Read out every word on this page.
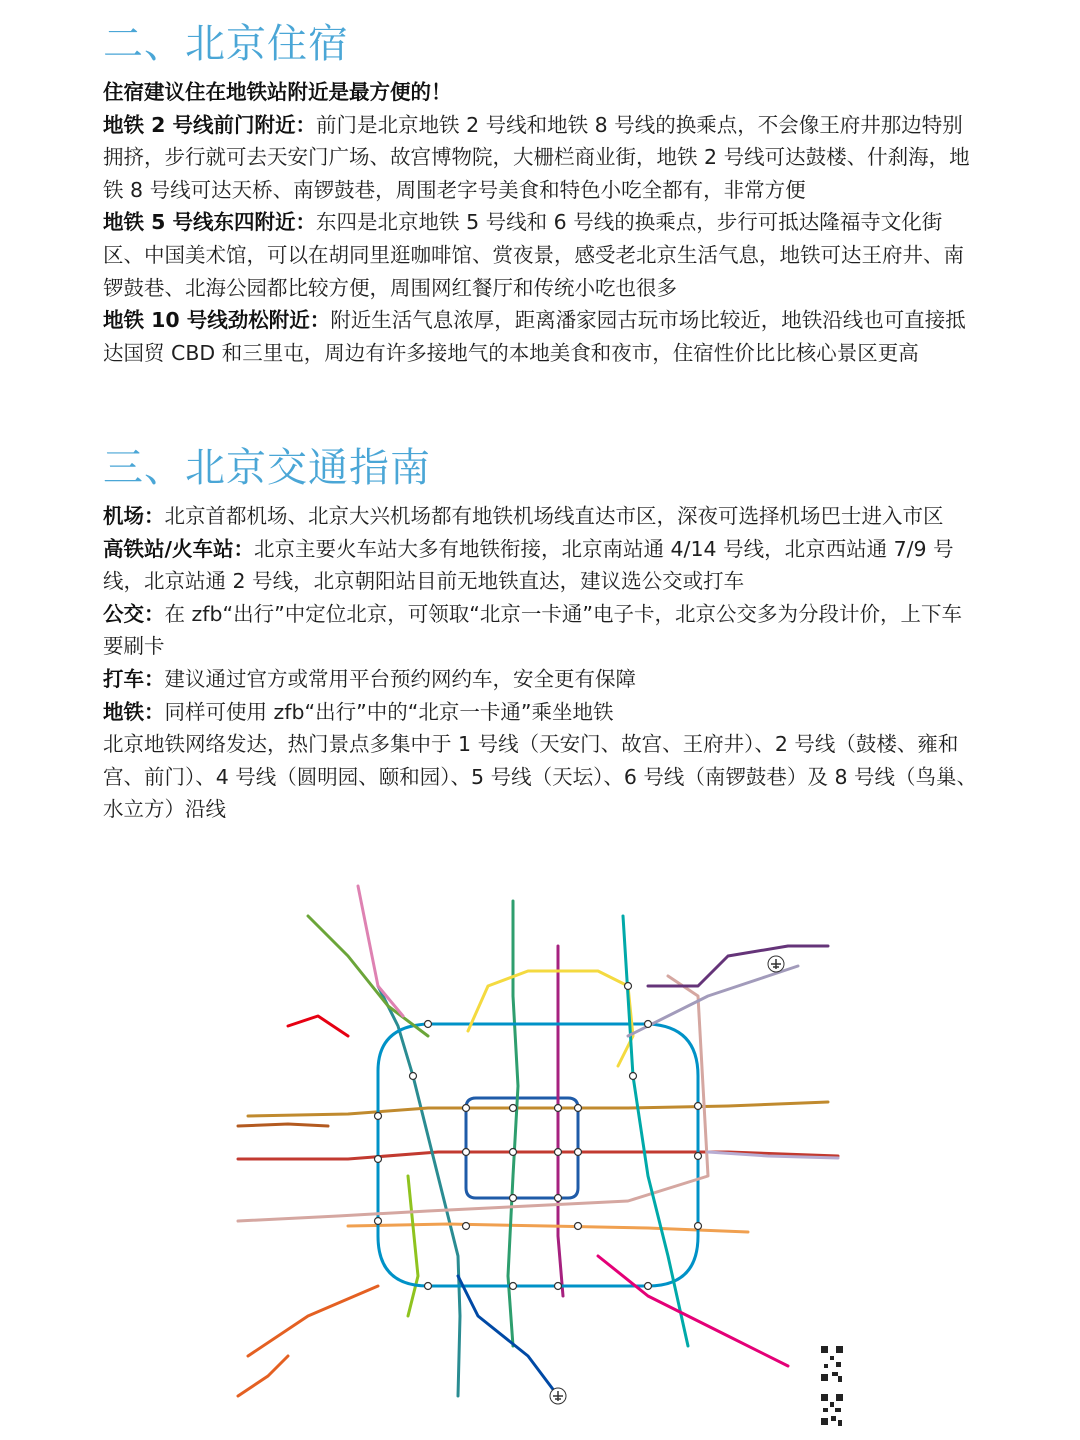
二、北京住宿

住宿建议住在地铁站附近是最方便的！

地铁 2 号线前门附近：前门是北京地铁 2 号线和地铁 8 号线的换乘点，不会像王府井那边特别拥挤，步行就可去天安门广场、故宫博物院，大栅栏商业街，地铁 2 号线可达鼓楼、什刹海，地铁 8 号线可达天桥、南锣鼓巷，周围老字号美食和特色小吃全都有，非常方便

地铁 5 号线东四附近：东四是北京地铁 5 号线和 6 号线的换乘点，步行可抵达隆福寺文化街区、中国美术馆，可以在胡同里逛咖啡馆、赏夜景，感受老北京生活气息，地铁可达王府井、南锣鼓巷、北海公园都比较方便，周围网红餐厅和传统小吃也很多

地铁 10 号线劲松附近：附近生活气息浓厚，距离潘家园古玩市场比较近，地铁沿线也可直接抵达国贸 CBD 和三里屯，周边有许多接地气的本地美食和夜市，住宿性价比比核心景区更高

三、北京交通指南

机场：北京首都机场、北京大兴机场都有地铁机场线直达市区，深夜可选择机场巴士进入市区

高铁站/火车站：北京主要火车站大多有地铁衔接，北京南站通 4/14 号线，北京西站通 7/9 号线，北京站通 2 号线，北京朝阳站目前无地铁直达，建议选公交或打车

公交：在 zfb“出行”中定位北京，可领取“北京一卡通”电子卡，北京公交多为分段计价，上下车要刷卡

打车：建议通过官方或常用平台预约网约车，安全更有保障

地铁：同样可使用 zfb“出行”中的“北京一卡通”乘坐地铁

北京地铁网络发达，热门景点多集中于 1 号线（天安门、故宫、王府井）、2 号线（鼓楼、雍和宫、前门）、4 号线（圆明园、颐和园）、5 号线（天坛）、6 号线（南锣鼓巷）及 8 号线（鸟巢、水立方）沿线
